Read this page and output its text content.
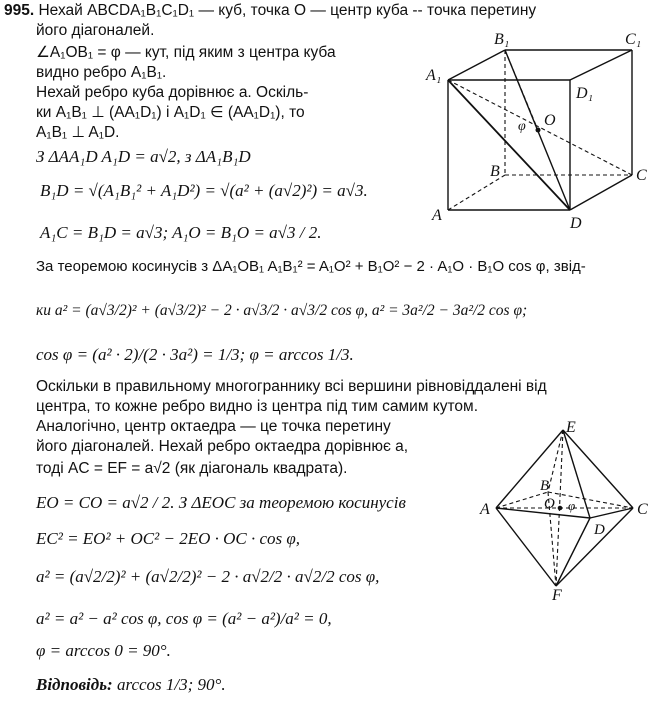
995. Нехай ABCDA₁B₁C₁D₁ — куб, точка O — центр куба -- точка перетину
його діагоналей.
∠A₁OB₁ = φ — кут, під яким з центра куба
видно ребро A₁B₁.
Нехай ребро куба дорівнює a. Оскіль-
ки A₁B₁ ⊥ (AA₁D₁) і A₁D₁ ∈ (AA₁D₁), то
A₁B₁ ⊥ A₁D.
З ΔAA₁D A₁D = a√2, з ΔA₁B₁D
B₁D = √(A₁B₁² + A₁D²) = √(a² + (a√2)²) = a√3.
A₁C = B₁D = a√3; A₁O = B₁O = a√3 / 2.
За теоремою косинусів з ΔA₁OB₁ A₁B₁² = A₁O² + B₁O² − 2 · A₁O · B₁O cos φ, звід-
ки a² = (a√3/2)² + (a√3/2)² − 2 · a√3/2 · a√3/2 cos φ, a² = 3a²/2 − 3a²/2 cos φ;
cos φ = (a² · 2)/(2 · 3a²) = 1/3; φ = arccos 1/3.
Оскільки в правильному многограннику всі вершини рівновіддалені від
центра, то кожне ребро видно із центра під тим самим кутом.
Аналогічно, центр октаедра — це точка перетину
його діагоналей. Нехай ребро октаедра дорівнює a,
тоді AC = EF = a√2 (як діагональ квадрата).
EO = CO = a√2 / 2. З ΔEOC за теоремою косинусів
EC² = EO² + OC² − 2EO · OC · cos φ,
a² = (a√2/2)² + (a√2/2)² − 2 · a√2/2 · a√2/2 cos φ,
a² = a² − a² cos φ, cos φ = (a² − a²)/a² = 0,
φ = arccos 0 = 90°.
Відповідь: arccos 1/3; 90°.
B₁	C₁
A₁
D₁
φ O
B	C
A	D
E
A	C
B
O φ
D
F
